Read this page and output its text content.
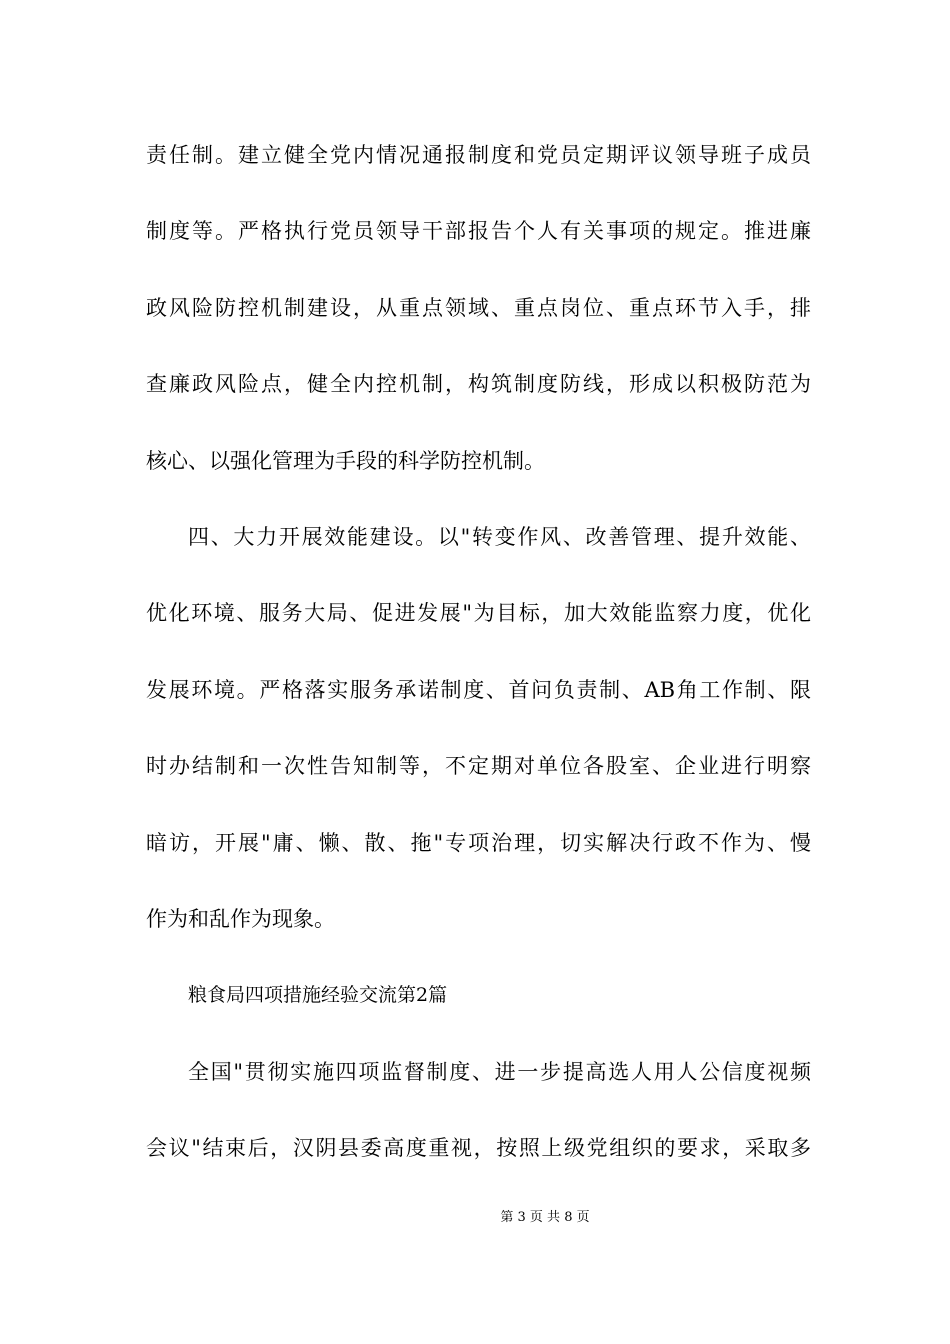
责任制。建立健全党内情况通报制度和党员定期评议领导班子成员
制度等。严格执行党员领导干部报告个人有关事项的规定。推进廉
政风险防控机制建设，从重点领域、重点岗位、重点环节入手，排
查廉政风险点，健全内控机制，构筑制度防线，形成以积极防范为
核心、以强化管理为手段的科学防控机制。
四、大力开展效能建设。以"转变作风、改善管理、提升效能、
优化环境、服务大局、促进发展"为目标，加大效能监察力度，优化
发展环境。严格落实服务承诺制度、首问负责制、AB角工作制、限
时办结制和一次性告知制等，不定期对单位各股室、企业进行明察
暗访，开展"庸、懒、散、拖"专项治理，切实解决行政不作为、慢
作为和乱作为现象。
粮食局四项措施经验交流第2篇
全国"贯彻实施四项监督制度、进一步提高选人用人公信度视频
会议"结束后，汉阴县委高度重视，按照上级党组织的要求，采取多
第 3 页 共 8 页
